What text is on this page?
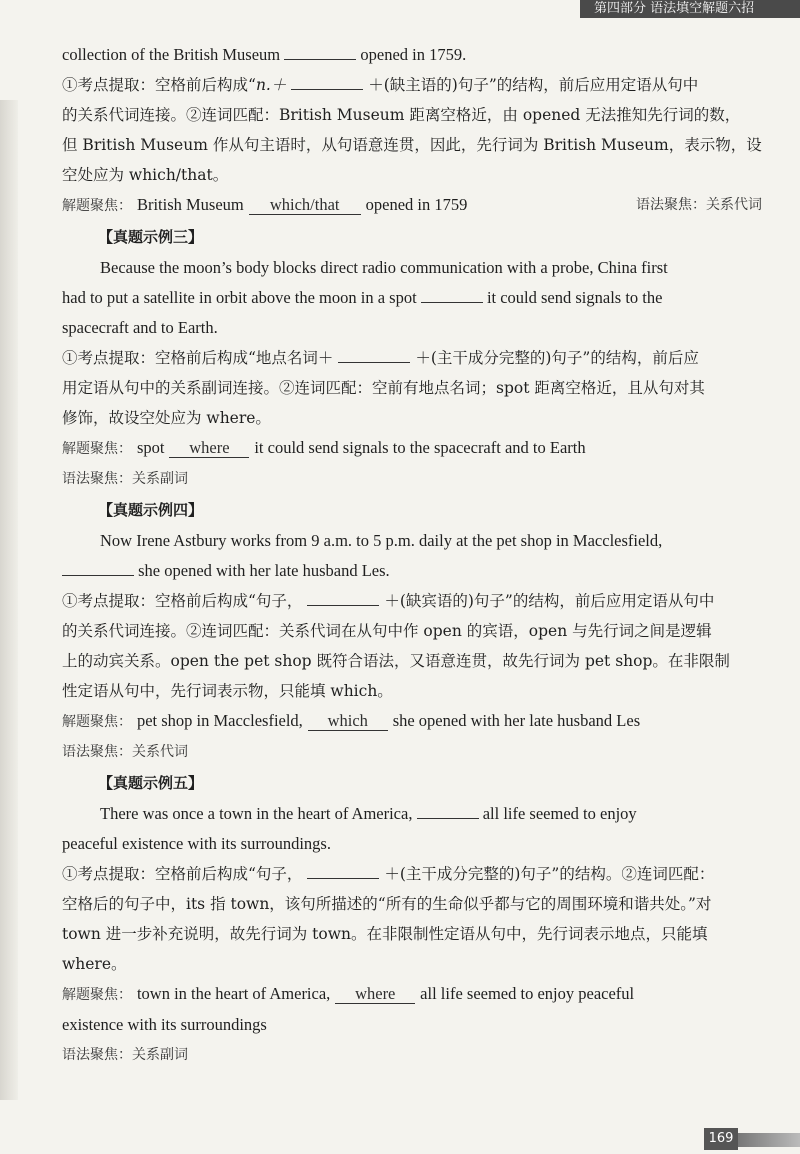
第四部分 语法填空解题六招

collection of the British Museum	opened in 1759.

①考点提取：空格前后构成“n.＋	＋(缺主语的)句子”的结构，前后应用定语从句中

的关系代词连接。②连词匹配：British Museum 距离空格近，由 opened 无法推知先行词的数，

但 British Museum 作从句主语时，从句语意连贯，因此，先行词为 British Museum，表示物，设

空处应为 which/that。

解题聚焦： British Museum which/that opened in 1759	语法聚焦：关系代词
【真题示例三】

Because the moon’s body blocks direct radio communication with a probe, China first

had to put a satellite in orbit above the moon in a spot	it could send signals to the

spacecraft and to Earth.

①考点提取：空格前后构成“地点名词＋	＋(主干成分完整的)句子”的结构，前后应

用定语从句中的关系副词连接。②连词匹配：空前有地点名词；spot 距离空格近，且从句对其

修饰，故设空处应为 where。

解题聚焦： spot where it could send signals to the spacecraft and to Earth

语法聚焦：关系副词

【真题示例四】

Now Irene Astbury works from 9 a.m. to 5 p.m. daily at the pet shop in Macclesfield,

she opened with her late husband Les.

①考点提取：空格前后构成“句子，	＋(缺宾语的)句子”的结构，前后应用定语从句中

的关系代词连接。②连词匹配：关系代词在从句中作 open 的宾语，open 与先行词之间是逻辑

上的动宾关系。open the pet shop 既符合语法，又语意连贯，故先行词为 pet shop。在非限制

性定语从句中，先行词表示物，只能填 which。

解题聚焦： pet shop in Macclesfield, which she opened with her late husband Les

语法聚焦：关系代词

【真题示例五】

There was once a town in the heart of America,	all life seemed to enjoy

peaceful existence with its surroundings.

①考点提取：空格前后构成“句子，	＋(主干成分完整的)句子”的结构。②连词匹配：

空格后的句子中，its 指 town，该句所描述的“所有的生命似乎都与它的周围环境和谐共处。”对

town 进一步补充说明，故先行词为 town。在非限制性定语从句中，先行词表示地点，只能填

where。

解题聚焦： town in the heart of America, where all life seemed to enjoy peaceful

existence with its surroundings

语法聚焦：关系副词

169
